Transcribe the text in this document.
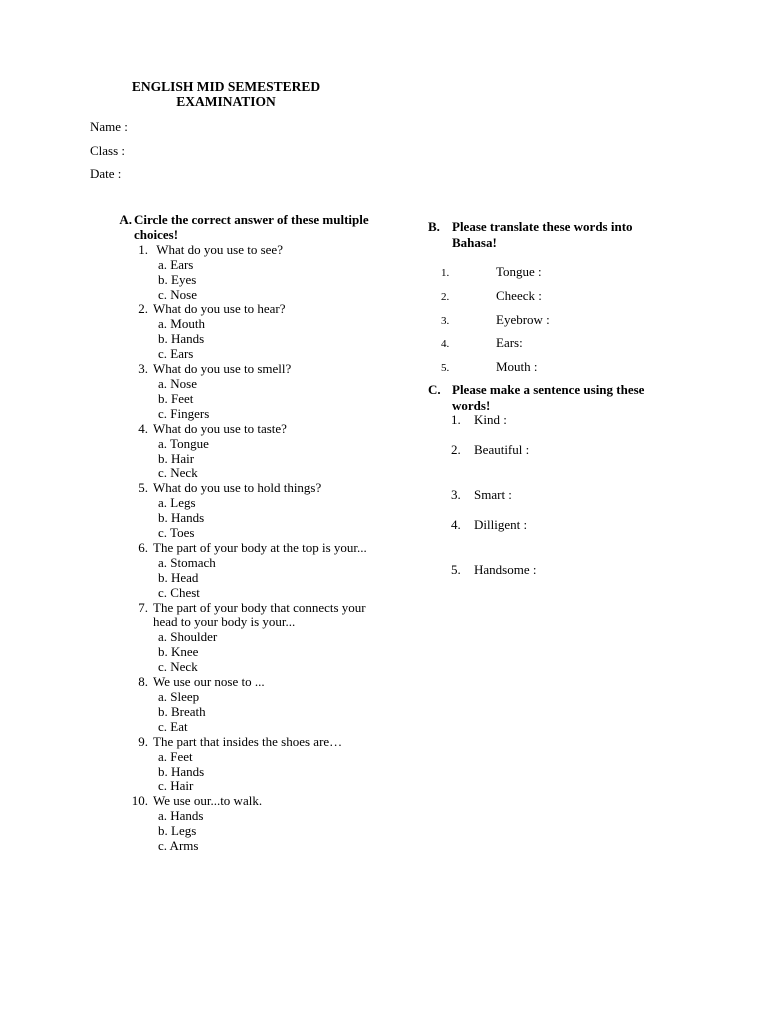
ENGLISH MID SEMESTERED
EXAMINATION
Name :
Class :
Date :
A. Circle the correct answer of these multiple choices!
1. What do you use to see?
a. Ears
b. Eyes
c. Nose
2. What do you use to hear?
a. Mouth
b. Hands
c. Ears
3. What do you use to smell?
a. Nose
b. Feet
c. Fingers
4. What do you use to taste?
a. Tongue
b. Hair
c. Neck
5. What do you use to hold things?
a. Legs
b. Hands
c. Toes
6. The part of your body at the top is your...
a. Stomach
b. Head
c. Chest
7. The part of your body that connects your head to your body is your...
a. Shoulder
b. Knee
c. Neck
8. We use our nose to ...
a. Sleep
b. Breath
c. Eat
9. The part that insides the shoes are…
a. Feet
b. Hands
c. Hair
10. We use our...to walk.
a. Hands
b. Legs
c. Arms
B. Please translate these words into Bahasa!
1.	Tongue :
2.	Cheeck :
3.	Eyebrow :
4.	Ears:
5.	Mouth :
C. Please make a sentence using these words!
1. Kind :
2. Beautiful :
3. Smart :
4. Dilligent :
5. Handsome :
